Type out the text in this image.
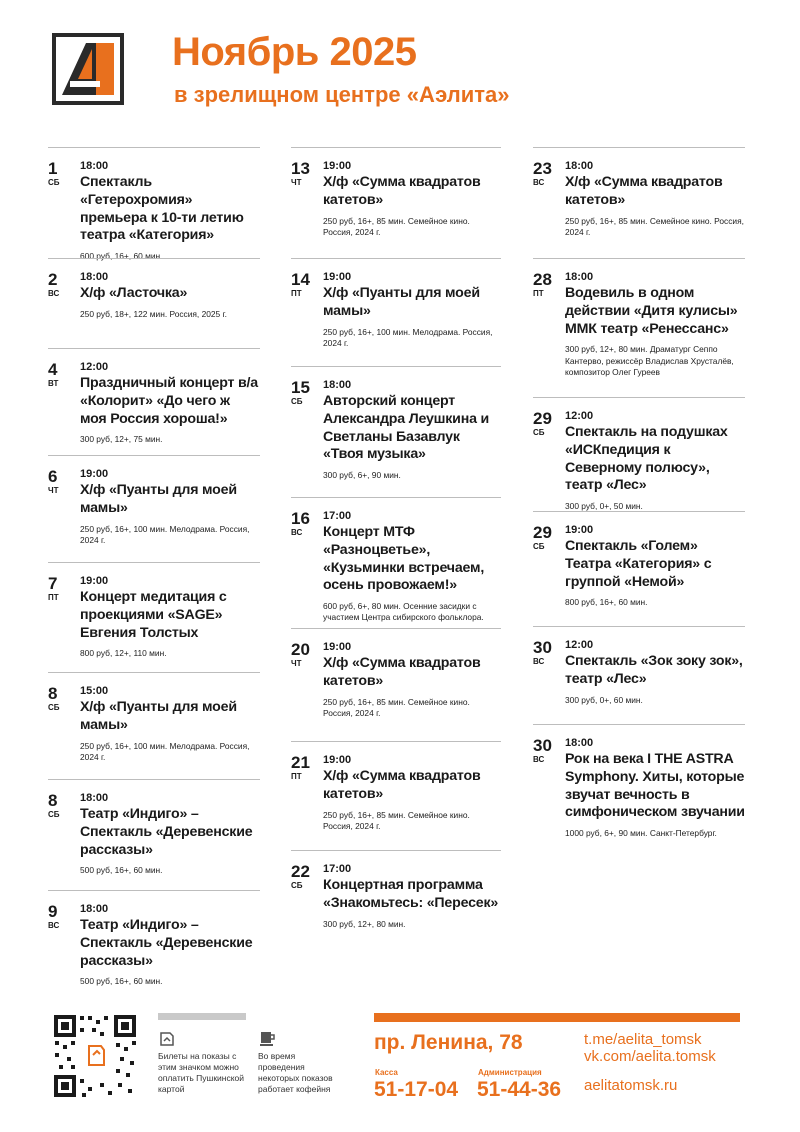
Ноябрь 2025
в зрелищном центре «Аэлита»
1
СБ
18:00
Спектакль «Гетерохромия» премьера к 10-ти летию театра «Категория»
600 руб, 16+, 60 мин.
2
ВС
18:00
Х/ф «Ласточка»
250 руб, 18+, 122 мин. Россия, 2025 г.
4
ВТ
12:00
Праздничный концерт в/а «Колорит» «До чего ж моя Россия хороша!»
300 руб, 12+, 75 мин.
6
ЧТ
19:00
Х/ф «Пуанты для моей мамы»
250 руб, 16+, 100 мин. Мелодрама. Россия, 2024 г.
7
ПТ
19:00
Концерт медитация с проекциями «SAGE» Евгения Толстых
800 руб, 12+, 110 мин.
8
СБ
15:00
Х/ф «Пуанты для моей мамы»
250 руб, 16+, 100 мин. Мелодрама. Россия, 2024 г.
8
СБ
18:00
Театр «Индиго» – Спектакль «Деревенские рассказы»
500 руб, 16+, 60 мин.
9
ВС
18:00
Театр «Индиго» – Спектакль «Деревенские рассказы»
500 руб, 16+, 60 мин.
13
ЧТ
19:00
Х/ф «Сумма квадратов катетов»
250 руб, 16+, 85 мин. Семейное кино. Россия, 2024 г.
14
ПТ
19:00
Х/ф «Пуанты для моей мамы»
250 руб, 16+, 100 мин. Мелодрама. Россия, 2024 г.
15
СБ
18:00
Авторский концерт Александра Леушкина и Светланы Базавлук «Твоя музыка»
300 руб, 6+, 90 мин.
16
ВС
17:00
Концерт МТФ «Разноцветье», «Кузьминки встречаем, осень провожаем!»
600 руб, 6+, 80 мин. Осенние засидки с участием Центра сибирского фольклора.
20
ЧТ
19:00
Х/ф «Сумма квадратов катетов»
250 руб, 16+, 85 мин. Семейное кино. Россия, 2024 г.
21
ПТ
19:00
Х/ф «Сумма квадратов катетов»
250 руб, 16+, 85 мин. Семейное кино. Россия, 2024 г.
22
СБ
17:00
Концертная программа «Знакомьтесь: «Пересек»
300 руб, 12+, 80 мин.
23
ВС
18:00
Х/ф «Сумма квадратов катетов»
250 руб, 16+, 85 мин. Семейное кино. Россия, 2024 г.
28
ПТ
18:00
Водевиль в одном действии «Дитя кулисы» ММК театр «Ренессанс»
300 руб, 12+, 80 мин. Драматург Сеппо Кантерво, режиссёр Владислав Хрусталёв, композитор Олег Гуреев
29
СБ
12:00
Спектакль на подушках «ИСКпедиция к Северному полюсу», театр «Лес»
300 руб, 0+, 50 мин.
29
СБ
19:00
Спектакль «Голем» Театра «Категория» с группой «Немой»
800 руб, 16+, 60 мин.
30
ВС
12:00
Спектакль «Зок зоку зок», театр «Лес»
300 руб, 0+, 60 мин.
30
ВС
18:00
Рок на века I THE ASTRA Symphony. Хиты, которые звучат вечность в симфоническом звучании
1000 руб, 6+, 90 мин. Санкт-Петербург.
Билеты на показы с этим значком можно оплатить Пушкинской картой
Во время проведения некоторых показов работает кофейня
пр. Ленина, 78
Касса
51-17-04
Администрация
51-44-36
t.me/aelita_tomsk
vk.com/aelita.tomsk
aelitatomsk.ru
